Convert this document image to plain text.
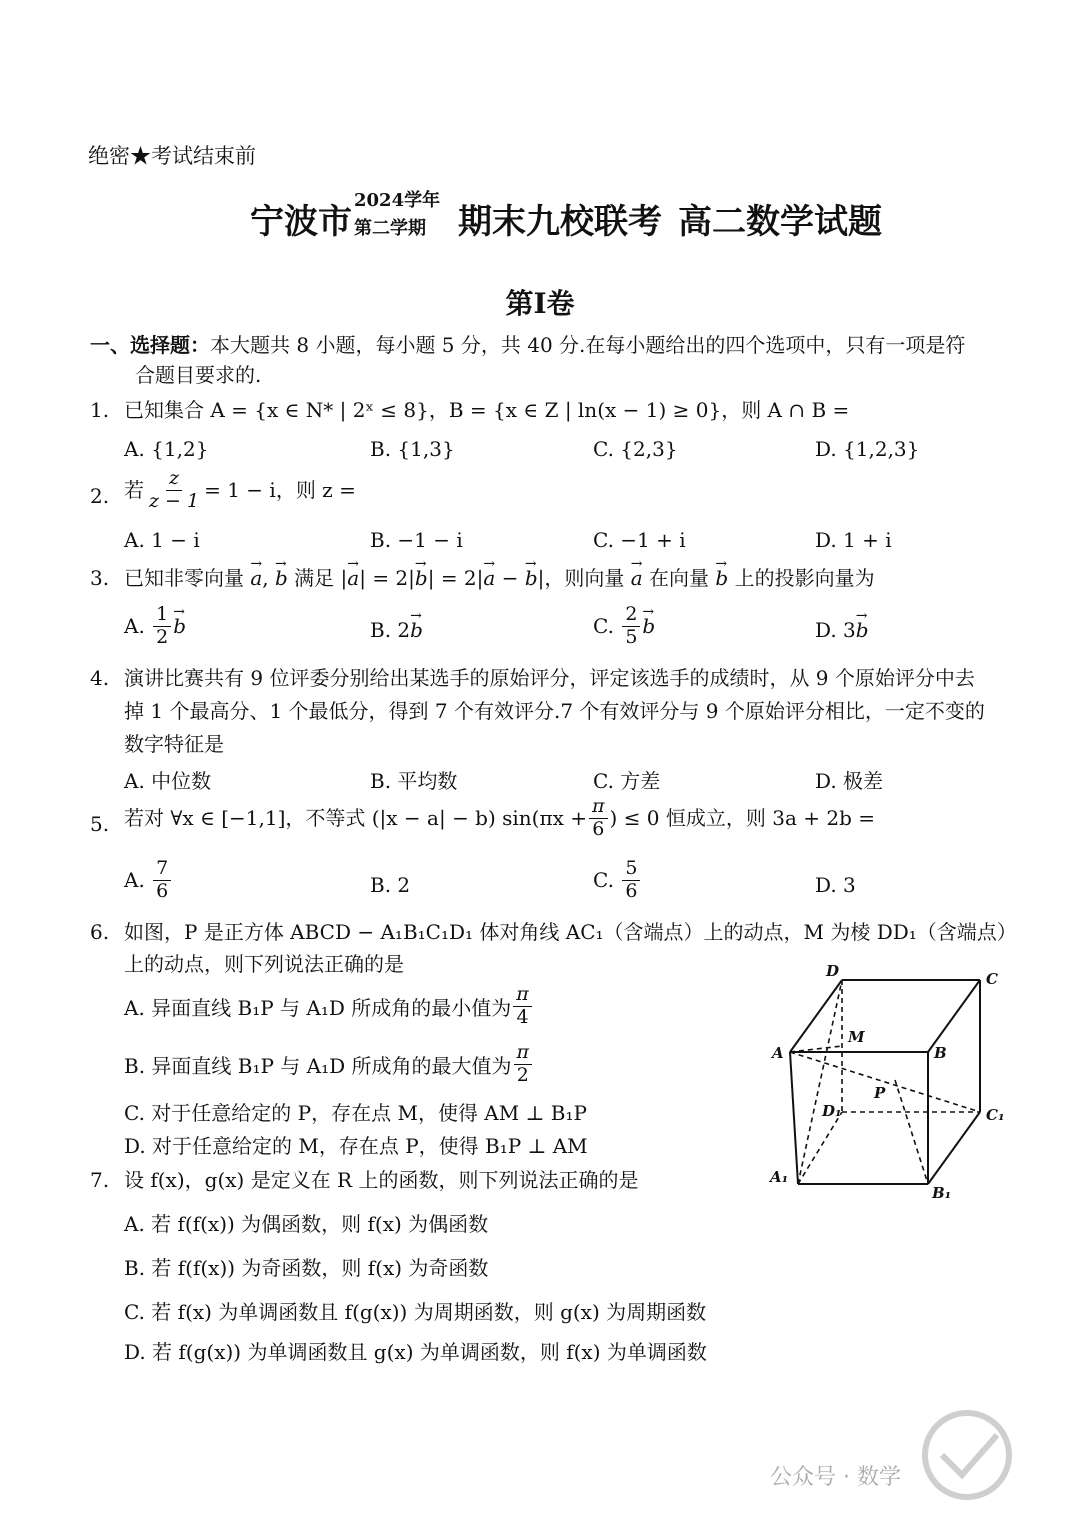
绝密★考试结束前
宁波市
2024学年
第二学期 期末九校联考 高二数学试题
第Ⅰ卷
一、选择题：本大题共 8 小题，每小题 5 分，共 40 分.在每小题给出的四个选项中，只有一项是符
合题目要求的.
1. 已知集合 A = {x ∈ N* | 2ˣ ≤ 8}，B = {x ∈ Z | ln(x − 1) ≥ 0}，则 A ∩ B =
A. {1,2}	B. {1,3}	C. {2,3}	D. {1,2,3}
2. 若 $\frac{z}{z - 1} = 1 - i$，则 z =
A. 1 − i	B. −1 − i	C. −1 + i	D. 1 + i
3. 已知非零向量 → a, → b 满足 |→ a| = 2|→ b| = 2|→ a − → b|，则向量 → a 在向量 → b 上的投影向量为
A.
$\frac{1}{2}$
→ b	B. 2→ b	C.
$\frac{2}{5}$
→ b	D. 3→ b
4. 演讲比赛共有 9 位评委分别给出某选手的原始评分，评定该选手的成绩时，从 9 个原始评分中去
掉 1 个最高分、1 个最低分，得到 7 个有效评分.7 个有效评分与 9 个原始评分相比，一定不变的
数字特征是
A. 中位数	B. 平均数	C. 方差	D. 极差
5. 若对 ∀x ∈ [−1,1]，不等式 (|x − a| − b) $\sin(\pi x + \frac{\pi}{6}$ ) ≤ 0 恒成立，则 3a + 2b =
A.
$\frac{7}{6}$	B. 2	C.
$\frac{5}{6}$	D. 3
6. 如图，P 是正方体 ABCD − A₁B₁C₁D₁ 体对角线 AC₁（含端点）上的动点，M 为棱 DD₁（含端点）
上的动点，则下列说法正确的是
A. 异面直线 B₁P 与 A₁D 所成角的最小值为 $\frac{\pi}{4}$
B. 异面直线 B₁P 与 A₁D 所成角的最大值为 $\frac{\pi}{2}$
C. 对于任意给定的 P，存在点 M，使得 AM ⊥ B₁P
D. 对于任意给定的 M，存在点 P，使得 B₁P ⊥ AM
D	C
M
A	B
P
D₁	C₁
A₁
B₁
7. 设 f(x)，g(x) 是定义在 R 上的函数，则下列说法正确的是
A. 若 f(f(x)) 为偶函数，则 f(x) 为偶函数
B. 若 f(f(x)) 为奇函数，则 f(x) 为奇函数
C. 若 f(x) 为单调函数且 f(g(x)) 为周期函数，则 g(x) 为周期函数
D. 若 f(g(x)) 为单调函数且 g(x) 为单调函数，则 f(x) 为单调函数
公众号 · 数学
